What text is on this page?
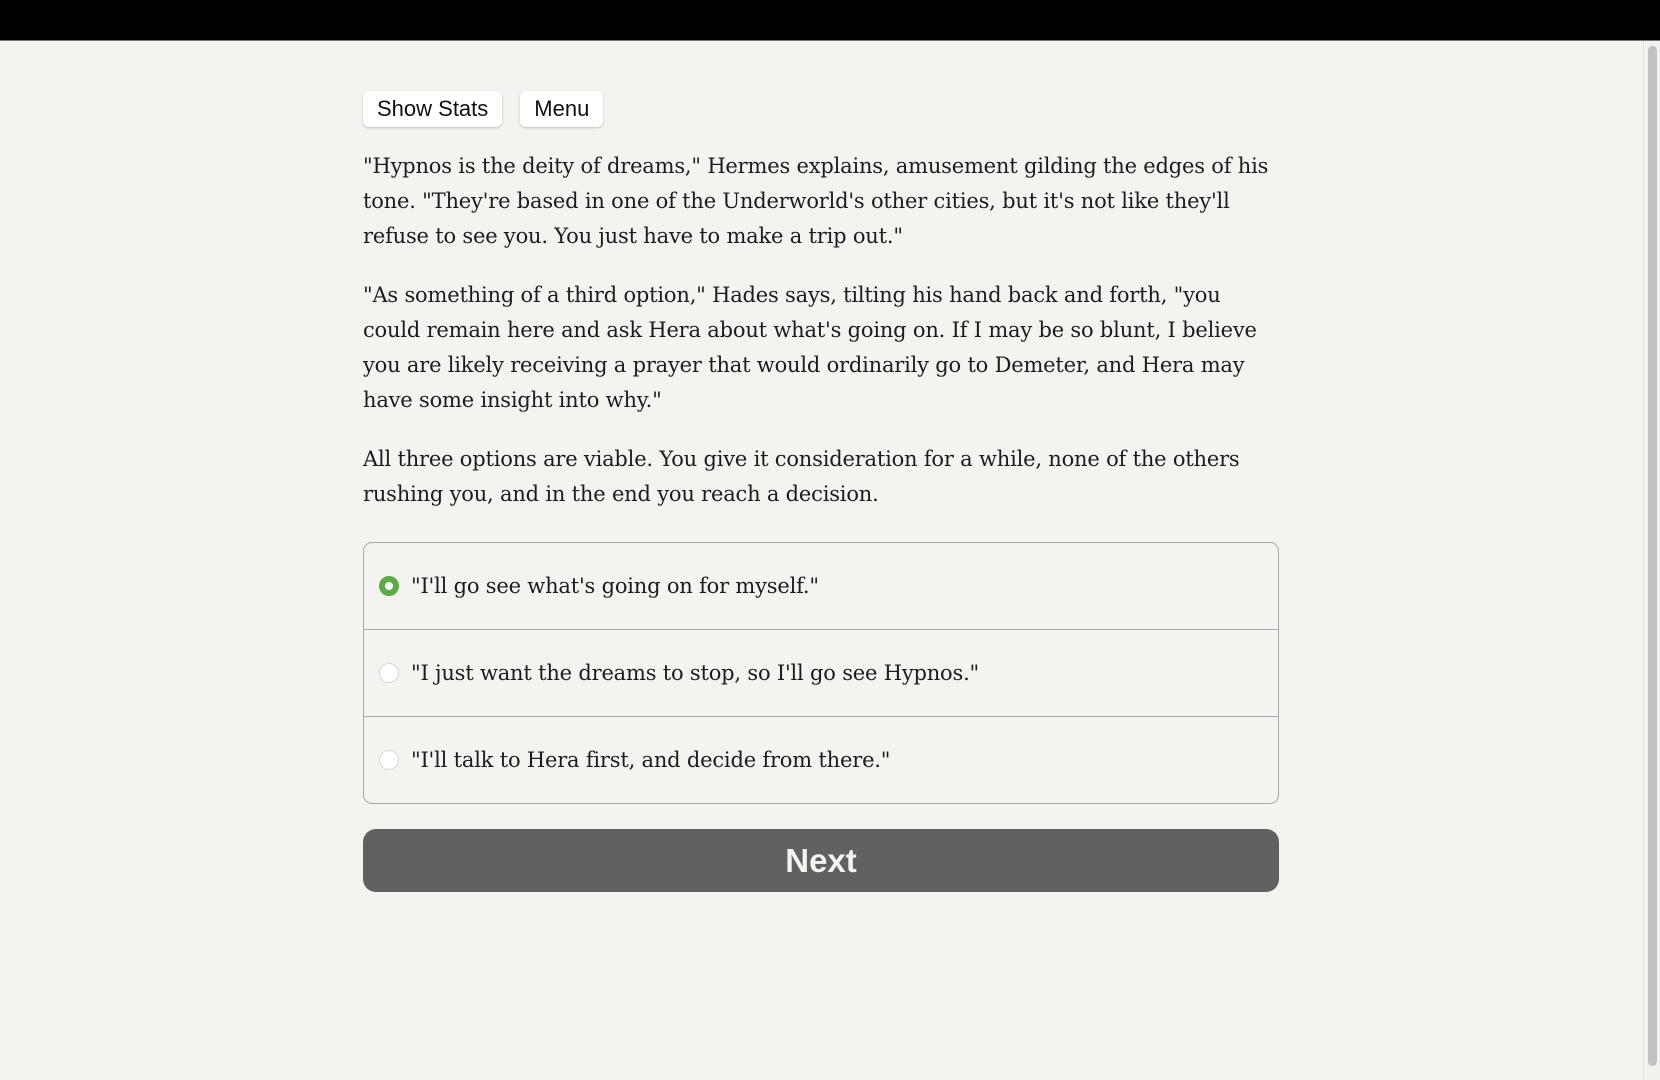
Show Stats	Menu

"Hypnos is the deity of dreams," Hermes explains, amusement gilding the edges of his tone. "They're based in one of the Underworld's other cities, but it's not like they'll refuse to see you. You just have to make a trip out."

"As something of a third option," Hades says, tilting his hand back and forth, "you could remain here and ask Hera about what's going on. If I may be so blunt, I believe you are likely receiving a prayer that would ordinarily go to Demeter, and Hera may have some insight into why."

All three options are viable. You give it consideration for a while, none of the others rushing you, and in the end you reach a decision.

"I'll go see what's going on for myself."
"I just want the dreams to stop, so I'll go see Hypnos."
"I'll talk to Hera first, and decide from there."
Next
